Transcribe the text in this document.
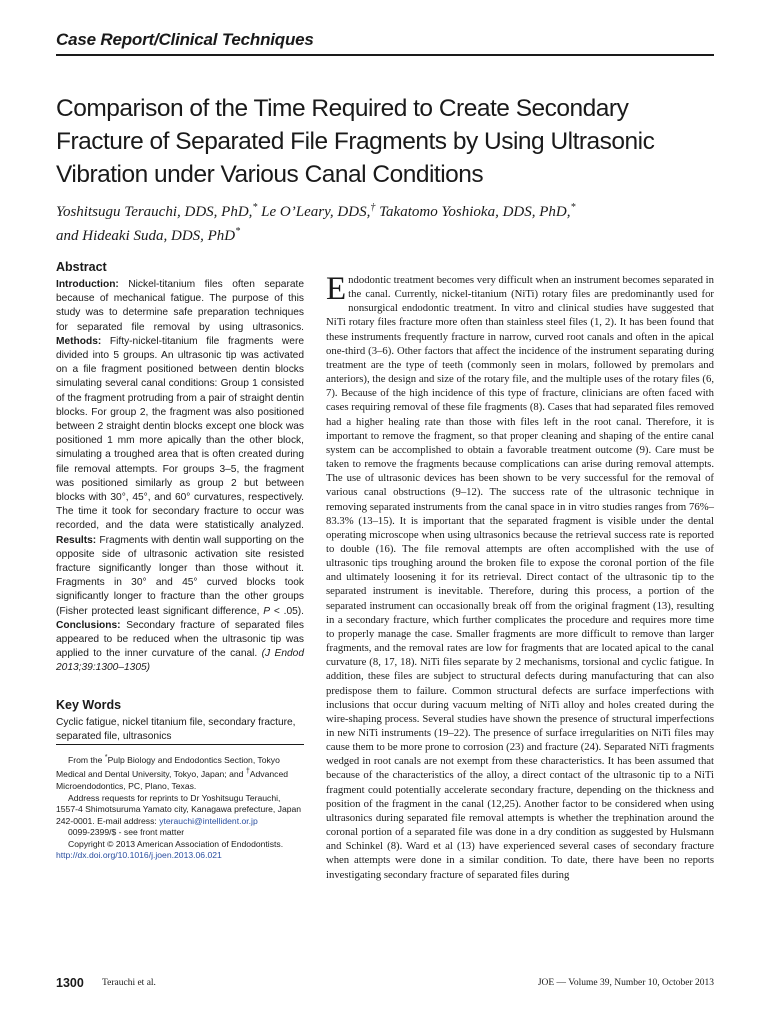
Case Report/Clinical Techniques
Comparison of the Time Required to Create Secondary Fracture of Separated File Fragments by Using Ultrasonic Vibration under Various Canal Conditions
Yoshitsugu Terauchi, DDS, PhD,* Le O’Leary, DDS,† Takatomo Yoshioka, DDS, PhD,*
and Hideaki Suda, DDS, PhD*
Abstract

Introduction: Nickel-titanium files often separate because of mechanical fatigue. The purpose of this study was to determine safe preparation techniques for separated file removal by using ultrasonics. Methods: Fifty-nickel-titanium file fragments were divided into 5 groups. An ultrasonic tip was activated on a file fragment positioned between dentin blocks simulating several canal conditions: Group 1 consisted of the fragment protruding from a pair of straight dentin blocks. For group 2, the fragment was also positioned between 2 straight dentin blocks except one block was positioned 1 mm more apically than the other block, simulating a troughed area that is often created during file removal attempts. For groups 3–5, the fragment was positioned similarly as group 2 but between blocks with 30°, 45°, and 60° curvatures, respectively. The time it took for secondary fracture to occur was recorded, and the data were statistically analyzed. Results: Fragments with dentin wall supporting on the opposite side of ultrasonic activation site resisted fracture significantly longer than those without it. Fragments in 30° and 45° curved blocks took significantly longer to fracture than the other groups (Fisher protected least significant difference, P < .05). Conclusions: Secondary fracture of separated files appeared to be reduced when the ultrasonic tip was applied to the inner curvature of the canal. (J Endod 2013;39:1300–1305)

Key Words

Cyclic fatigue, nickel titanium file, secondary fracture, separated file, ultrasonics

From the *Pulp Biology and Endodontics Section, Tokyo Medical and Dental University, Tokyo, Japan; and †Advanced Microendodontics, PC, Plano, Texas.

Address requests for reprints to Dr Yoshitsugu Terauchi, 1557-4 Shimotsuruma Yamato city, Kanagawa prefecture, Japan 242-0001. E-mail address: yterauchi@intellident.or.jp

0099-2399/$ - see front matter

Copyright © 2013 American Association of Endodontists.

http://dx.doi.org/10.1016/j.joen.2013.06.021

Endodontic treatment becomes very difficult when an instrument becomes separated in the canal. Currently, nickel-titanium (NiTi) rotary files are predominantly used for nonsurgical endodontic treatment. In vitro and clinical studies have suggested that NiTi rotary files fracture more often than stainless steel files (1, 2). It has been found that these instruments frequently fracture in narrow, curved root canals and often in the apical one-third (3–6). Other factors that affect the incidence of the instrument separating during treatment are the type of teeth (commonly seen in molars, followed by premolars and anteriors), the design and size of the rotary file, and the multiple uses of the rotary files (6, 7). Because of the high incidence of this type of fracture, clinicians are often faced with cases requiring removal of these file fragments (8). Cases that had separated files removed had a higher healing rate than those with files left in the root canal. Therefore, it is important to remove the fragment, so that proper cleaning and shaping of the entire canal system can be accomplished to obtain a favorable treatment outcome (9). Care must be taken to remove the fragments because complications can arise during removal attempts. The use of ultrasonic devices has been shown to be very successful for the removal of various canal obstructions (9–12). The success rate of the ultrasonic technique in removing separated instruments from the canal space in in vitro studies ranges from 76%–83.3% (13–15). It is important that the separated fragment is visible under the dental operating microscope when using ultrasonics because the retrieval success rate is reported to double (16). The file removal attempts are often accomplished with the use of ultrasonic tips troughing around the broken file to expose the coronal portion of the file and ultimately loosening it for its retrieval. Direct contact of the ultrasonic tip to the separated instrument is inevitable. Therefore, during this process, a portion of the separated instrument can occasionally break off from the original fragment (13), resulting in a secondary fracture, which further complicates the procedure and requires more time to properly manage the case. Smaller fragments are more difficult to remove than larger fragments, and the removal rates are low for fragments that are located apical to the canal curvature (8, 17, 18). NiTi files separate by 2 mechanisms, torsional and cyclic fatigue. In addition, these files are subject to structural defects during manufacturing that can also predispose them to failure. Common structural defects are surface imperfections with inclusions that occur during vacuum melting of NiTi alloy and holes created during the wire-shaping process. Several studies have shown the presence of structural imperfections in new NiTi instruments (19–22). The presence of surface irregularities on NiTi files may cause them to be more prone to corrosion (23) and fracture (24). Separated NiTi fragments wedged in root canals are not exempt from these characteristics. It has been assumed that because of the characteristics of the alloy, a direct contact of the ultrasonic tip to a NiTi fragment could potentially accelerate secondary fracture, depending on the thickness and position of the fragment in the canal (12,25). Another factor to be considered when using ultrasonics during separated file removal attempts is whether the trephination around the coronal portion of a separated file was done in a dry condition as suggested by Hulsmann and Schinkel (8). Ward et al (13) have experienced several cases of secondary fracture when attempts were done in a similar condition. To date, there have been no reports investigating secondary fracture of separated files during

1300 Terauchi et al.	JOE — Volume 39, Number 10, October 2013
